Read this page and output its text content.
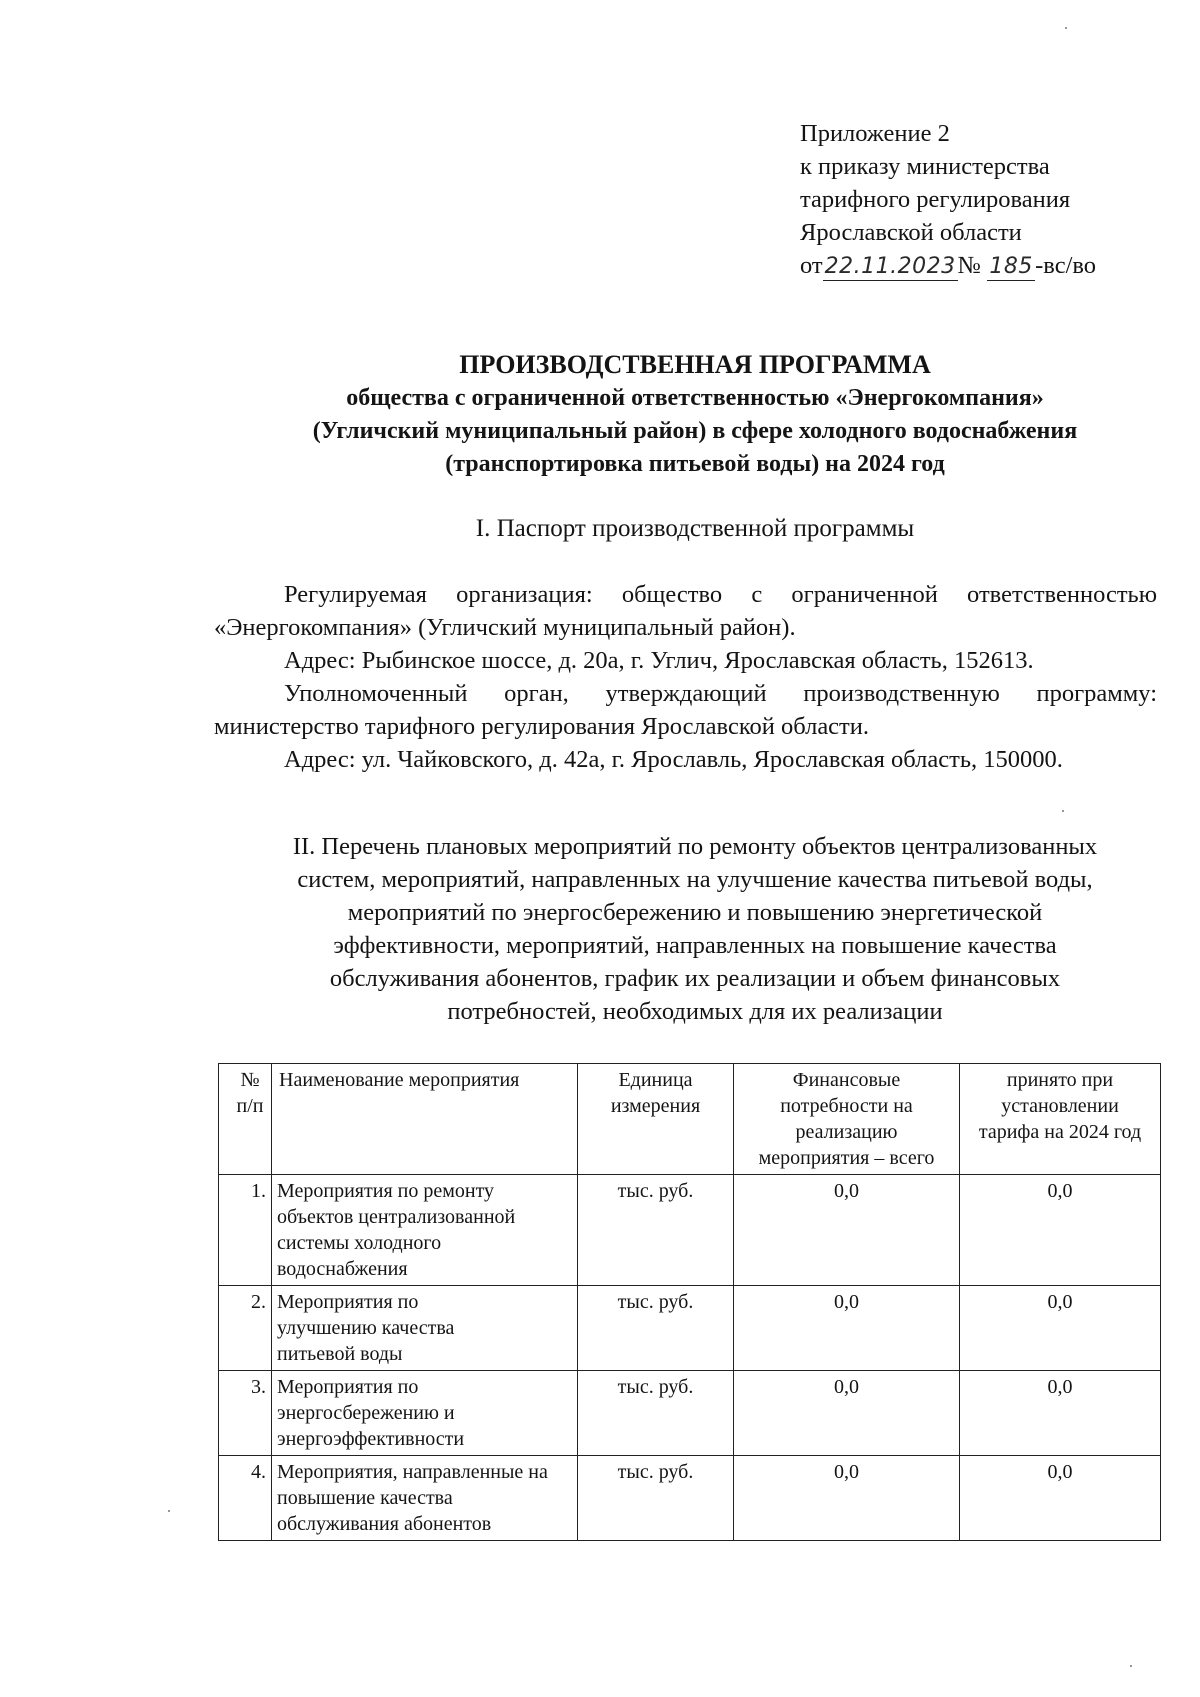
Приложение 2
к приказу министерства
тарифного регулирования
Ярославской области
от22.11.2023№ 185-вс/во
ПРОИЗВОДСТВЕННАЯ ПРОГРАММА
общества с ограниченной ответственностью «Энергокомпания»
(Угличский муниципальный район) в сфере холодного водоснабжения
(транспортировка питьевой воды) на 2024 год
I. Паспорт производственной программы

Регулируемая организация: общество с ограниченной ответственностью «Энергокомпания» (Угличский муниципальный район).

Адрес: Рыбинское шоссе, д. 20а, г. Углич, Ярославская область, 152613.

Уполномоченный орган, утверждающий производственную программу: министерство тарифного регулирования Ярославской области.

Адрес: ул. Чайковского, д. 42а, г. Ярославль, Ярославская область, 150000.

II. Перечень плановых мероприятий по ремонту объектов централизованных
систем, мероприятий, направленных на улучшение качества питьевой воды,
мероприятий по энергосбережению и повышению энергетической
эффективности, мероприятий, направленных на повышение качества
обслуживания абонентов, график их реализации и объем финансовых
потребностей, необходимых для их реализации
№ п/п	Наименование мероприятия	Единица измерения	Финансовые потребности на реализацию мероприятия – всего	принято при установлении тарифа на 2024 год
1.	Мероприятия по ремонту объектов централизованной системы холодного водоснабжения	тыс. руб.	0,0	0,0
2.	Мероприятия по улучшению качества питьевой воды	тыс. руб.	0,0	0,0
3.	Мероприятия по энергосбережению и энергоэффективности	тыс. руб.	0,0	0,0
4.	Мероприятия, направленные на повышение качества обслуживания абонентов	тыс. руб.	0,0	0,0
